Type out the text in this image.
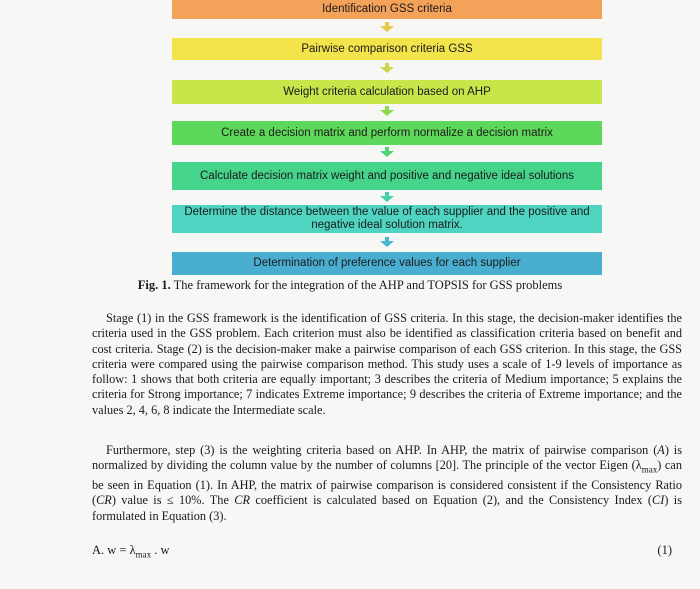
Identification GSS criteria
Pairwise comparison criteria GSS
Weight criteria calculation based on AHP
Create a decision matrix and perform normalize a decision matrix
Calculate decision matrix weight and positive and negative ideal solutions
Determine the distance between the value of each supplier and the positive and negative ideal solution matrix.
Determination of preference values for each supplier
Fig. 1. The framework for the integration of the AHP and TOPSIS for GSS problems

Stage (1) in the GSS framework is the identification of GSS criteria. In this stage, the decision-maker identifies the criteria used in the GSS problem. Each criterion must also be identified as classification criteria based on benefit and cost criteria. Stage (2) is the decision-maker make a pairwise comparison of each GSS criterion. In this stage, the GSS criteria were compared using the pairwise comparison method. This study uses a scale of 1-9 levels of importance as follow: 1 shows that both criteria are equally important; 3 describes the criteria of Medium importance; 5 explains the criteria for Strong importance; 7 indicates Extreme importance; 9 describes the criteria of Extreme importance; and the values 2, 4, 6, 8 indicate the Intermediate scale.

Furthermore, step (3) is the weighting criteria based on AHP. In AHP, the matrix of pairwise comparison (A) is normalized by dividing the column value by the number of columns [20]. The principle of the vector Eigen $(\lambda_{max})$ can be seen in Equation (1). In AHP, the matrix of pairwise comparison is considered consistent if the Consistency Ratio (CR) value is ≤ 10%. The CR coefficient is calculated based on Equation (2), and the Consistency Index (CI) is formulated in Equation (3).

A. $w = \lambda_{max}$ . w	(1)
